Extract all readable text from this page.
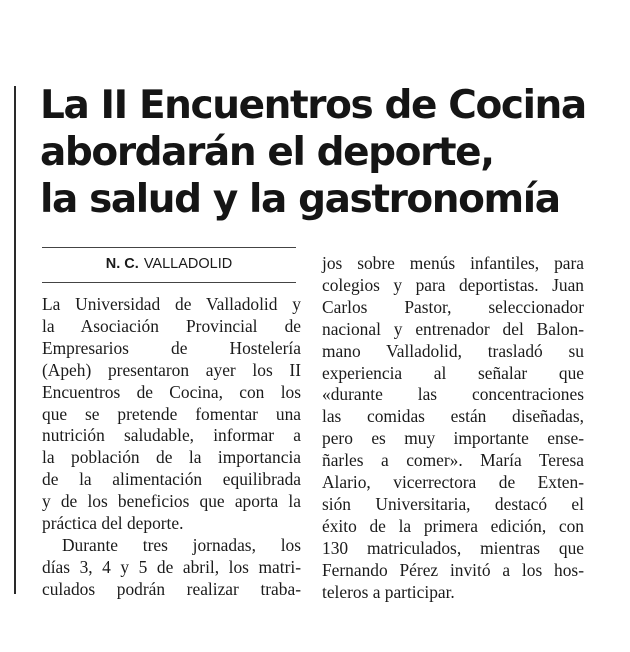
La II Encuentros de Cocina
abordarán el deporte,
la salud y la gastronomía
N. C. VALLADOLID
La Universidad de Valladolid y
la Asociación Provincial de
Empresarios de Hostelería
(Apeh) presentaron ayer los II
Encuentros de Cocina, con los
que se pretende fomentar una
nutrición saludable, informar a
la población de la importancia
de la alimentación equilibrada
y de los beneficios que aporta la
práctica del deporte.
Durante tres jornadas, los
días 3, 4 y 5 de abril, los matri-
culados podrán realizar traba-
jos sobre menús infantiles, para
colegios y para deportistas. Juan
Carlos Pastor, seleccionador
nacional y entrenador del Balon-
mano Valladolid, trasladó su
experiencia al señalar que
«durante las concentraciones
las comidas están diseñadas,
pero es muy importante ense-
ñarles a comer». María Teresa
Alario, vicerrectora de Exten-
sión Universitaria, destacó el
éxito de la primera edición, con
130 matriculados, mientras que
Fernando Pérez invitó a los hos-
teleros a participar.
